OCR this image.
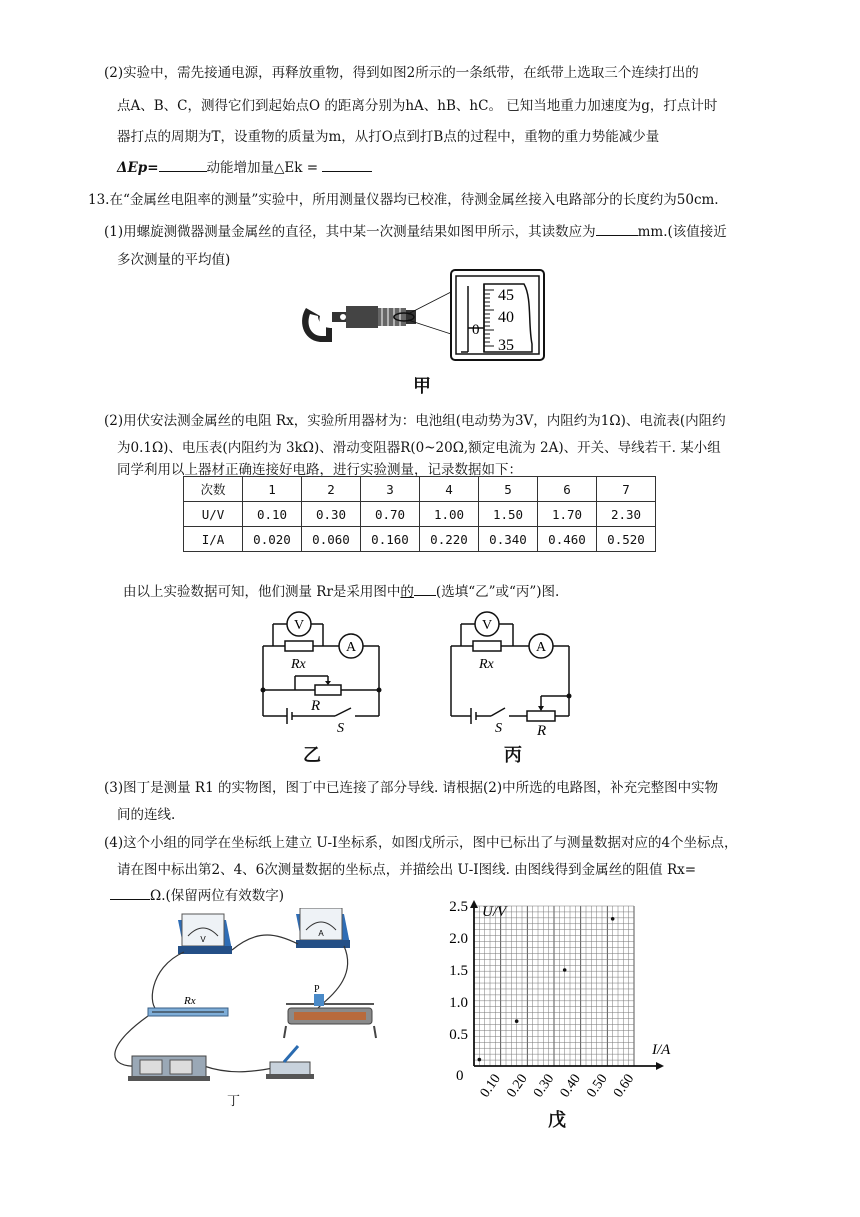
(2)实验中，需先接通电源，再释放重物，得到如图2所示的一条纸带，在纸带上选取三个连续打出的
点A、B、C，测得它们到起始点O 的距离分别为hA、hB、hC。 已知当地重力加速度为g，打点计时
器打点的周期为T，设重物的质量为m，从打O点到打B点的过程中，重物的重力势能减少量
ΔEp=	动能增加量△Ek =
13.在“金属丝电阻率的测量”实验中，所用测量仪器均已校准，待测金属丝接入电路部分的长度约为50cm.
(1)用螺旋测微器测量金属丝的直径，其中某一次测量结果如图甲所示，其读数应为	mm.(该值接近
多次测量的平均值)
45
40
0
35
甲
(2)用伏安法测金属丝的电阻 Rx，实验所用器材为：电池组(电动势为3V，内阻约为1Ω)、电流表(内阻约
为0.1Ω)、电压表(内阻约为 3kΩ)、滑动变阻器R(0~20Ω,额定电流为 2A)、开关、导线若干. 某小组
同学利用以上器材正确连接好电路，进行实验测量，记录数据如下：
次数	1	2	3	4	5	6	7
U/V	0.10	0.30	0.70	1.00	1.50	1.70	2.30
I/A	0.020	0.060	0.160	0.220	0.340	0.460	0.520
由以上实验数据可知，他们测量 Rr是采用图中的 (选填“乙”或“丙”)图.
V
A
Rx
R
S
乙
V
A
Rx
R
S
丙
(3)图丁是测量 R1 的实物图，图丁中已连接了部分导线. 请根据(2)中所选的电路图，补充完整图中实物
间的连线.
(4)这个小组的同学在坐标纸上建立 U-I坐标系，如图戊所示，图中已标出了与测量数据对应的4个坐标点，
请在图中标出第2、4、6次测量数据的坐标点，并描绘出 U-I图线. 由图线得到金属丝的阻值 Rx=
Ω.(保留两位有效数字)
V
A
Rx
P
丁
2.5
2.0
1.5
1.0
0.5
0.10 0.20 0.30 0.40 0.50 0.60
U/V
I/A
0
戊
